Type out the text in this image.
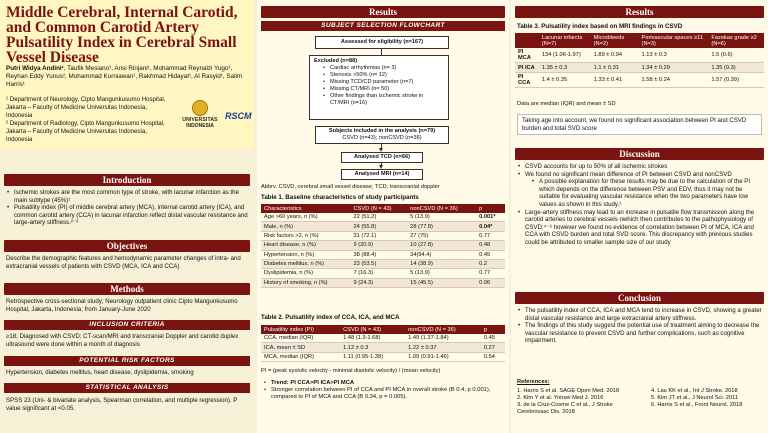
Middle Cerebral, Internal Carotid, and Common Carotid Artery Pulsatility Index in Cerebral Small Vessel Disease
Putri Widya Andini¹, Taufik Mesiano¹, Ansi Rinjani¹, Mohammad Reynalzi Yugo¹, Reyhan Eddy Yunus², Mohammad Kurniawan¹, Rakhmad Hidayat¹, Al Rasyid¹, Salim Harris¹
¹ Department of Neurology, Cipto Mangunkusumo Hospital, Jakarta – Faculty of Medicine Universitas Indonesia, Indonesia
² Department of Radiology, Cipto Mangunkusumo Hospital, Jakarta – Faculty of Medicine Universitas Indonesia, Indonesia
UNIVERSITAS
INDONESIA
RSCM
Introduction
• Ischemic strokes are the most common type of stroke, with lacunar infarction as the main subtype (45%)¹
• Pulsatility index (PI) of middle cerebral artery (MCA), internal carotid artery (ICA), and common carotid artery (CCA) in lacunar infarction reflect distal vascular resistance and large-artery stiffness.²⁻³
Objectives
Describe the demographic features and hemodynamic parameter changes of intra- and extracranial vessels of patients with CSVD (MCA, ICA and CCA)
Methods
Retrospective cross-sectional study; Neurology outpatient clinic Cipto Mangunkusumo Hospital, Jakarta, Indonesia; from January-June 2020
INCLUSION CRITERIA
≥18; Diagnosed with CSVD; CT-scan/MRI and transcranial Doppler and carotid duplex ultrasound were done within a month of diagnosis
POTENTIAL RISK FACTORS
Hypertension, diabetes mellitus, heart disease, dyslipidemia, smoking
STATISTICAL ANALYSIS
SPSS 23 (Uni- & bivariate analysis, Spearman correlation, and multiple regression). P value significant at <0.05.
Results
SUBJECT SELECTION FLOWCHART
Assessed for eligibility (n=167)
Excluded (n=88)
• Cardiac arrhythmias (n= 3)
• Stenosis >50% (n= 12)
• Missing TCD/CD parameter (n=7)
• Missing CT/MRI (n= 50)
• Other findings than ischemic stroke in CT/MRI (n=16)
Subjects included in the analysis (n=79)
CSVD (n=43); nonCSVD (n=36)
Analysed TCD (n=66)
Analysed MRI (n=14)
Abbrv. CSVD, cerebral small vessel disease; TCD, transcranial doppler
Table 1. Baseline characteristics of study participants
Characteristics	CSVD (N = 43)	nonCSVD (N = 36)	p
Age >60 years, n (%)	22 (51.2)	5 (13.9)	0.001*
Male, n (%)	24 (55.8)	28 (77.8)	0.04*
Risk factors >2, n (%)	31 (72.1)	27 (75)	0.77
Heart disease, n (%)	9 (20.9)	10 (27.8)	0.48
Hypertension, n (%)	38 (88.4)	34(94.4)	0.45
Diabetes mellitus, n (%)	23 (53.5)	14 (38.9)	0.2
Dyslipidemia, n (%)	7 (16.3)	5 (13.9)	0.77
History of smoking, n (%)	9 (24.3)	15 (45.5)	0.06
Table 2. Pulsatility index of CCA, ICA, and MCA
Pulsatility index (PI)	CSVD (N = 43)	nonCSVD (N = 36)	p
CCA, median (IQR)	1.48 (1.3-1.68)	1.49 (1.37-1.84)	0.45
ICA, mean ± SD	1.12 ± 0.3	1.22 ± 0.37	0.27
MCA, median (IQR)	1.11 (0.95-1.38)	1.09 (0.91-1.46)	0.54
PI = (peak systolic velocity - minimal diastolic velocity) / (mean velocity)
• Trend: PI CCA>PI ICA>PI MCA
• Stronger correlation between PI of CCA and PI MCA in overall stroke (B 0.4, p 0.001), compared to PI of MCA and CCA (B 0.34, p = 0.005).
Results
Table 3. Pulsatility index based on MRI findings in CSVD
	Lacunar infarcts (N=7)	Microbleeds (N=2)	Perivascular spaces ≥11 (N=3)	Fazekas grade ≥2 (N=6)
PI MCA	134 (1.06-1.97)	1.89 ± 0.94	1.13 ± 0.3	1.5 (0.6)
PI ICA	1.35 ± 0.3	1.1 ± 0.31	1.34 ± 0.29	1.35 (0.3)
PI CCA	1.4 ± 0.35	1.33 ± 0.41	1.58 ± 0.24	1.57 (0.39)
Data are median (IQR) and mean ± SD
Taking age into account, we found no significant association between PI and CSVD burden and total SVD score
Discussion
• CSVD accounts for up to 50% of all ischemic strokes
• We found no significant mean difference of PI between CSVD and nonCSVD
• A possible explanation for these results may be due to the calculation of the PI which depends on the difference between PSV and EDV, thus it may not be suitable for evaluating vascular resistance when the two parameters have low values as shown in this study.¹
• Large-artery stiffness may lead to an increase in pulsatile flow transmission along the carotid arteries to cerebral vessels nwhich then contributes to the pathophysiology of CSVD;⁴⁻⁶ however we found no evidence of correlation between PI of MCA, ICA and CCA with CSVD burden and total SVD score. This discrepancy with previous studies could be attributed to smaller sample size of our study
Conclusion
• The pulsatility index of CCA, ICA and MCA tend to increase in CSVD, showing a greater distal vascular resistance and large extracranial artery stiffness.
• The findings of this study suggest the potential use of treatment aiming to decrease the vascular resistance to prevent CSVD and further complications, such as cognitive impairment.
References:
1. Harris S et al. SAGE Open Med. 2018
2. Kim Y et al. Yonsei Med J. 2016
3. de la Cruz-Cosme C et al., J Stroke Cerebrovasc Dis. 2018
4. Lau KK et al., Int J Stroke. 2018
5. Kim JT et al., J Neurol Sci. 2011
6. Harris S et al., Front Neurol. 2018
